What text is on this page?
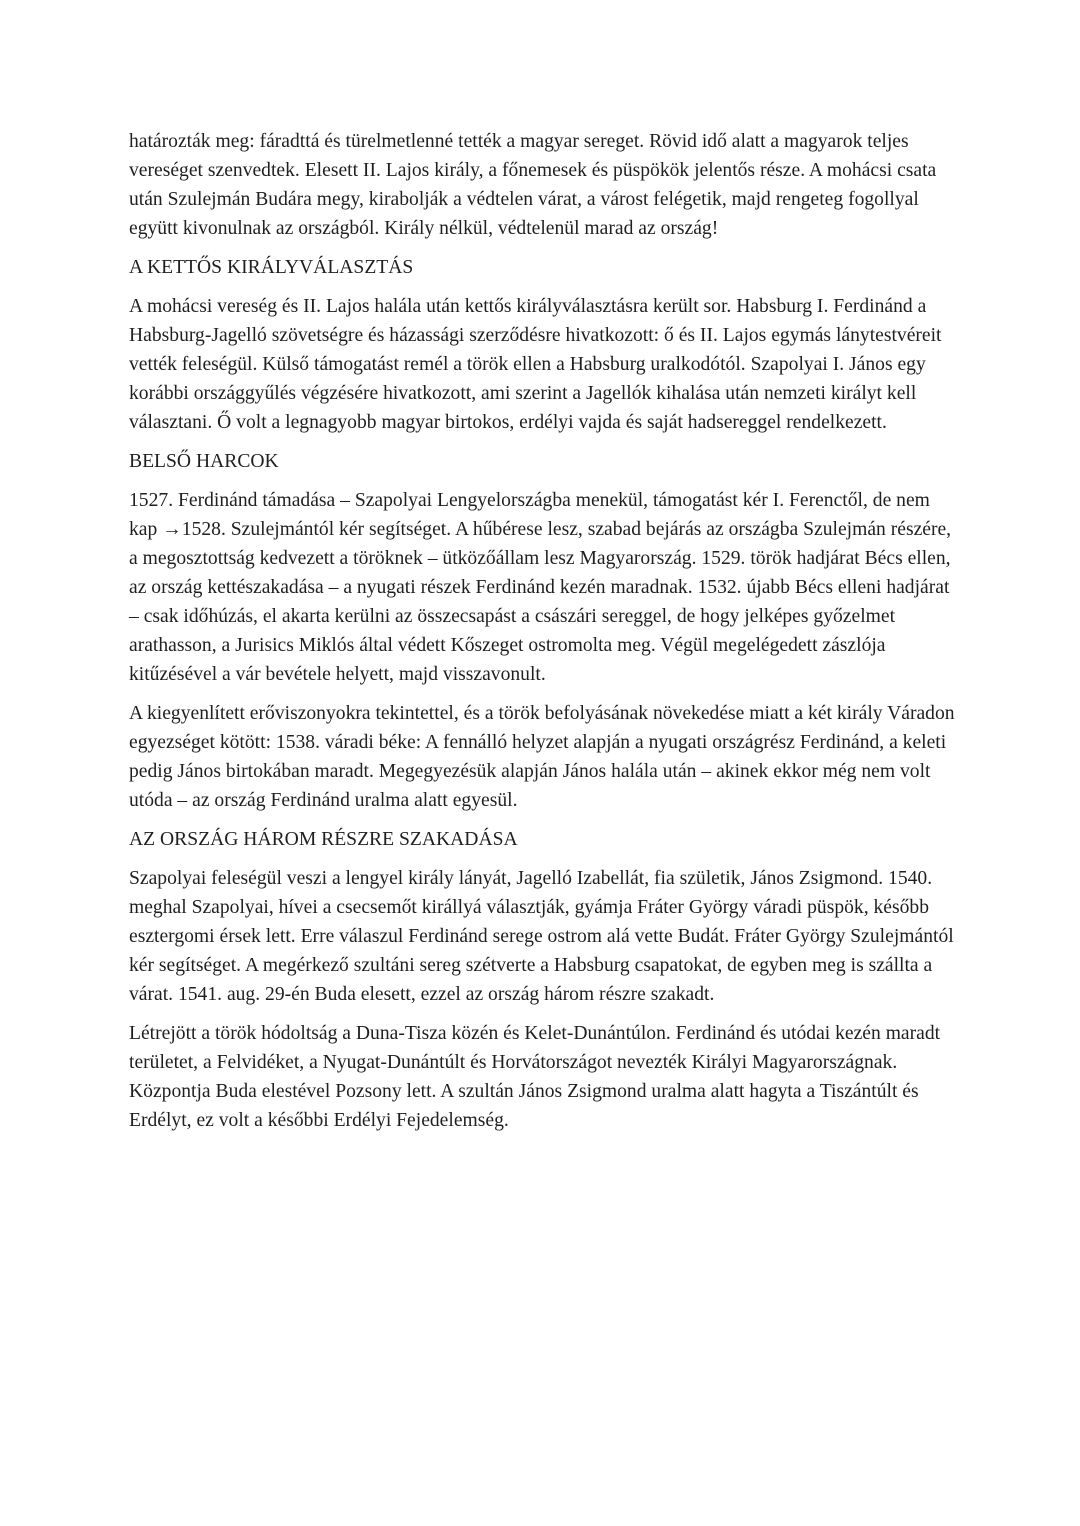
határozták meg: fáradttá és türelmetlenné tették a magyar sereget. Rövid idő alatt a magyarok teljes vereséget szenvedtek. Elesett II. Lajos király, a főnemesek és püspökök jelentős része. A mohácsi csata után Szulejmán Budára megy, kirabolják a védtelen várat, a várost felégetik, majd rengeteg fogollyal együtt kivonulnak az országból. Király nélkül, védtelenül marad az ország!

A KETTŐS KIRÁLYVÁLASZTÁS

A mohácsi vereség és II. Lajos halála után kettős királyválasztásra került sor. Habsburg I. Ferdinánd a Habsburg-Jagelló szövetségre és házassági szerződésre hivatkozott: ő és II. Lajos egymás lánytestvéreit vették feleségül. Külső támogatást remél a török ellen a Habsburg uralkodótól. Szapolyai I. János egy korábbi országgyűlés végzésére hivatkozott, ami szerint a Jagellók kihalása után nemzeti királyt kell választani. Ő volt a legnagyobb magyar birtokos, erdélyi vajda és saját hadsereggel rendelkezett.

BELSŐ HARCOK

1527. Ferdinánd támadása – Szapolyai Lengyelországba menekül, támogatást kér I. Ferenctől, de nem kap →1528. Szulejmántól kér segítséget. A hűbérese lesz, szabad bejárás az országba Szulejmán részére, a megosztottság kedvezett a töröknek – ütközőállam lesz Magyarország. 1529. török hadjárat Bécs ellen, az ország kettészakadása – a nyugati részek Ferdinánd kezén maradnak. 1532. újabb Bécs elleni hadjárat – csak időhúzás, el akarta kerülni az összecsapást a császári sereggel, de hogy jelképes győzelmet arathasson, a Jurisics Miklós által védett Kőszeget ostromolta meg. Végül megelégedett zászlója kitűzésével a vár bevétele helyett, majd visszavonult.

A kiegyenlített erőviszonyokra tekintettel, és a török befolyásának növekedése miatt a két király Váradon egyezséget kötött: 1538. váradi béke: A fennálló helyzet alapján a nyugati országrész Ferdinánd, a keleti pedig János birtokában maradt. Megegyezésük alapján János halála után – akinek ekkor még nem volt utóda – az ország Ferdinánd uralma alatt egyesül.

AZ ORSZÁG HÁROM RÉSZRE SZAKADÁSA

Szapolyai feleségül veszi a lengyel király lányát, Jagelló Izabellát, fia születik, János Zsigmond. 1540. meghal Szapolyai, hívei a csecsemőt királlyá választják, gyámja Fráter György váradi püspök, később esztergomi érsek lett. Erre válaszul Ferdinánd serege ostrom alá vette Budát. Fráter György Szulejmántól kér segítséget. A megérkező szultáni sereg szétverte a Habsburg csapatokat, de egyben meg is szállta a várat. 1541. aug. 29-én Buda elesett, ezzel az ország három részre szakadt.

Létrejött a török hódoltság a Duna-Tisza közén és Kelet-Dunántúlon. Ferdinánd és utódai kezén maradt területet, a Felvidéket, a Nyugat-Dunántúlt és Horvátországot nevezték Királyi Magyarországnak. Központja Buda elestével Pozsony lett. A szultán János Zsigmond uralma alatt hagyta a Tiszántúlt és Erdélyt, ez volt a későbbi Erdélyi Fejedelemség.
